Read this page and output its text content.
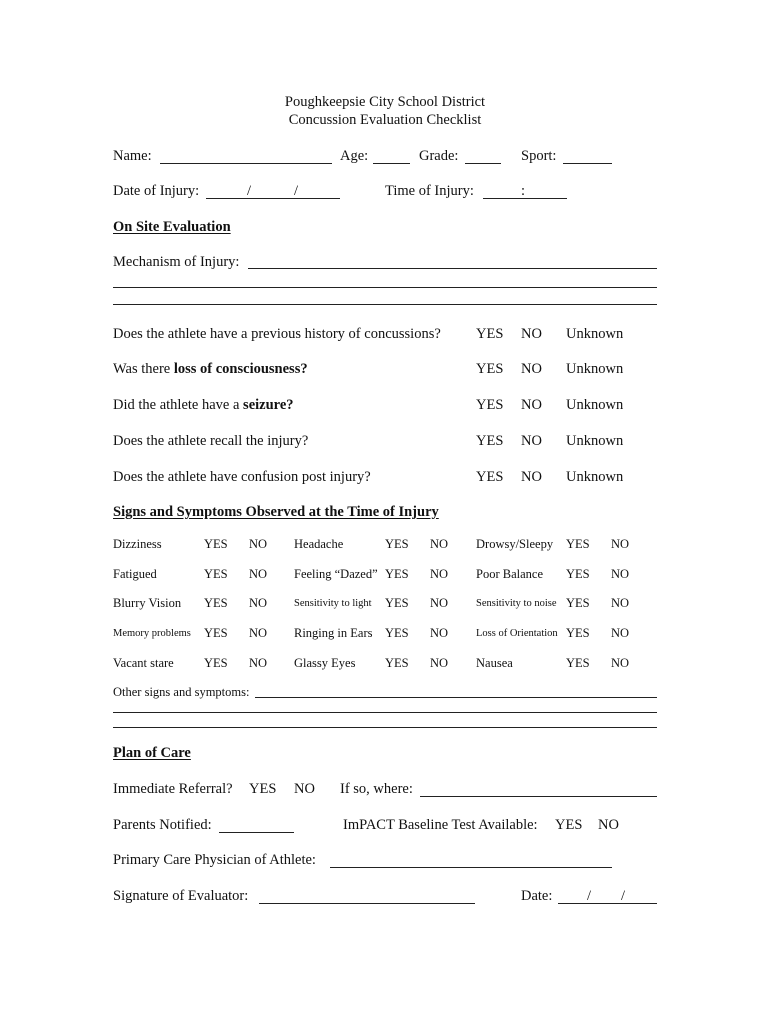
Poughkeepsie City School District
Concussion Evaluation Checklist
Name:	Age:	Grade:	Sport:
Date of Injury:	/	/	Time of Injury:	:
On Site Evaluation
Mechanism of Injury:
Does the athlete have a previous history of concussions? YES NO Unknown
Was there loss of consciousness?	YES NO Unknown
Did the athlete have a seizure?	YES NO Unknown
Does the athlete recall the injury?	YES NO Unknown
Does the athlete have confusion post injury?	YES NO Unknown
Signs and Symptoms Observed at the Time of Injury
Dizziness	YES NO Headache	YES NO Drowsy/Sleepy YES NO
Fatigued	YES NO Feeling “Dazed” YES NO Poor Balance YES NO
Blurry Vision YES NO	Sensitivity to light YES NO	Sensitivity to noise YES NO
Memory problems YES NO Ringing in Ears YES NO	Loss of Orientation YES NO
Vacant stare YES NO Glassy Eyes YES NO Nausea	YES NO
Other signs and symptoms:
Plan of Care
Immediate Referral? YES NO If so, where:
Parents Notified:	ImPACT Baseline Test Available: YES NO
Primary Care Physician of Athlete:
Signature of Evaluator:	Date: / /
